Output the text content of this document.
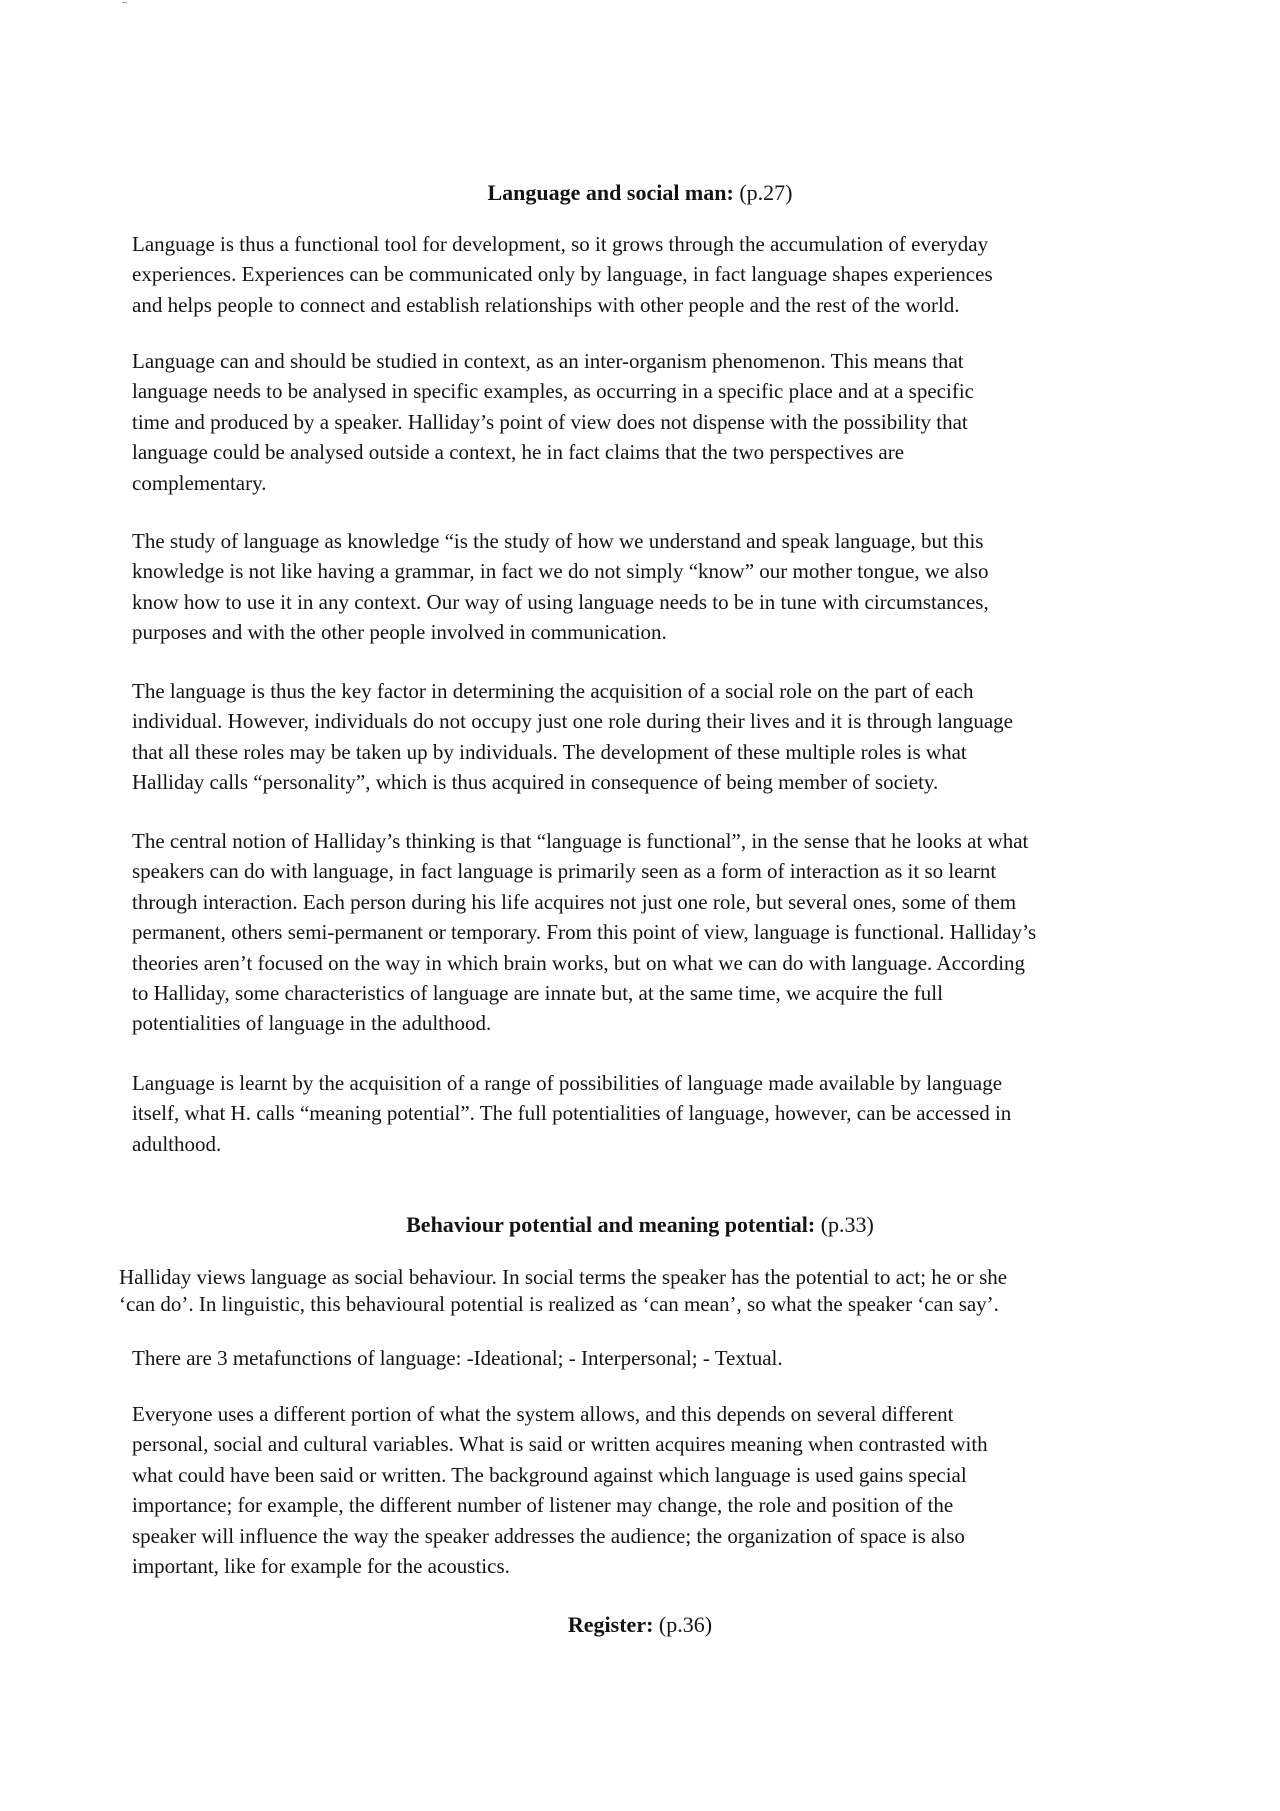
Language and social man: (p.27)
Language is thus a functional tool for development, so it grows through the accumulation of everyday
experiences. Experiences can be communicated only by language, in fact language shapes experiences
and helps people to connect and establish relationships with other people and the rest of the world.
Language can and should be studied in context, as an inter-organism phenomenon. This means that
language needs to be analysed in specific examples, as occurring in a specific place and at a specific
time and produced by a speaker. Halliday’s point of view does not dispense with the possibility that
language could be analysed outside a context, he in fact claims that the two perspectives are
complementary.
The study of language as knowledge “is the study of how we understand and speak language, but this
knowledge is not like having a grammar, in fact we do not simply “know” our mother tongue, we also
know how to use it in any context. Our way of using language needs to be in tune with circumstances,
purposes and with the other people involved in communication.
The language is thus the key factor in determining the acquisition of a social role on the part of each
individual. However, individuals do not occupy just one role during their lives and it is through language
that all these roles may be taken up by individuals. The development of these multiple roles is what
Halliday calls “personality”, which is thus acquired in consequence of being member of society.
The central notion of Halliday’s thinking is that “language is functional”, in the sense that he looks at what
speakers can do with language, in fact language is primarily seen as a form of interaction as it so learnt
through interaction. Each person during his life acquires not just one role, but several ones, some of them
permanent, others semi-permanent or temporary. From this point of view, language is functional. Halliday’s
theories aren’t focused on the way in which brain works, but on what we can do with language. According
to Halliday, some characteristics of language are innate but, at the same time, we acquire the full
potentialities of language in the adulthood.
Language is learnt by the acquisition of a range of possibilities of language made available by language
itself, what H. calls “meaning potential”. The full potentialities of language, however, can be accessed in
adulthood.
Behaviour potential and meaning potential: (p.33)
Halliday views language as social behaviour. In social terms the speaker has the potential to act; he or she
‘can do’. In linguistic, this behavioural potential is realized as ‘can mean’, so what the speaker ‘can say’.
There are 3 metafunctions of language: -Ideational; - Interpersonal; - Textual.
Everyone uses a different portion of what the system allows, and this depends on several different
personal, social and cultural variables. What is said or written acquires meaning when contrasted with
what could have been said or written. The background against which language is used gains special
importance; for example, the different number of listener may change, the role and position of the
speaker will influence the way the speaker addresses the audience; the organization of space is also
important, like for example for the acoustics.
Register: (p.36)
